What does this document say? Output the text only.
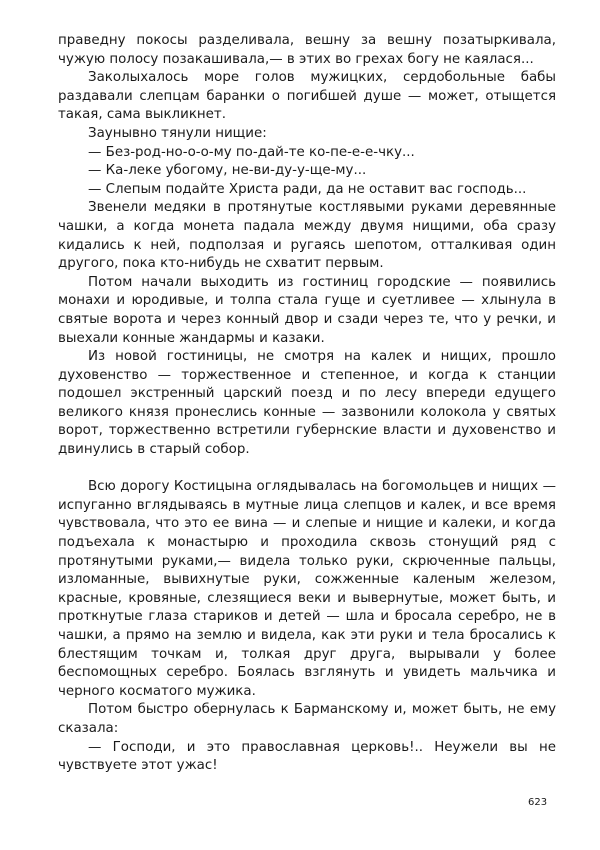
праведну покосы разделивала, вешну за вешну позатыркивала, чужую полосу позакашивала,— в этих во грехах богу не каялася...

Заколыхалось море голов мужицких, сердобольные бабы раздавали слепцам баранки о погибшей душе — может, отыщется такая, сама выкликнет.

Заунывно тянули нищие:

— Без-род-но-о-о-му по-дай-те ко-пе-е-е-чку...

— Ка-леке убогому, не-ви-ду-у-ще-му...

— Слепым подайте Христа ради, да не оставит вас господь...

Звенели медяки в протянутые костлявыми руками деревянные чашки, а когда монета падала между двумя нищими, оба сразу кидались к ней, подползая и ругаясь шепотом, отталкивая один другого, пока кто-нибудь не схватит первым.

Потом начали выходить из гостиниц городские — появились монахи и юродивые, и толпа стала гуще и суетливее — хлынула в святые ворота и через конный двор и сзади через те, что у речки, и выехали конные жандармы и казаки.

Из новой гостиницы, не смотря на калек и нищих, прошло духовенство — торжественное и степенное, и когда к станции подошел экстренный царский поезд и по лесу впереди едущего великого князя пронеслись конные — зазвонили колокола у святых ворот, торжественно встретили губернские власти и духовенство и двинулись в старый собор.

Всю дорогу Костицына оглядывалась на богомольцев и нищих — испуганно вглядываясь в мутные лица слепцов и калек, и все время чувствовала, что это ее вина — и слепые и нищие и калеки, и когда подъехала к монастырю и проходила сквозь стонущий ряд с протянутыми руками,— видела только руки, скрюченные пальцы, изломанные, вывихнутые руки, сожженные каленым железом, красные, кровяные, слезящиеся веки и вывернутые, может быть, и проткнутые глаза стариков и детей — шла и бросала серебро, не в чашки, а прямо на землю и видела, как эти руки и тела бросались к блестящим точкам и, толкая друг друга, вырывали у более беспомощных серебро. Боялась взглянуть и увидеть мальчика и черного косматого мужика.

Потом быстро обернулась к Барманскому и, может быть, не ему сказала:

— Господи, и это православная церковь!.. Неужели вы не чувствуете этот ужас!

623
